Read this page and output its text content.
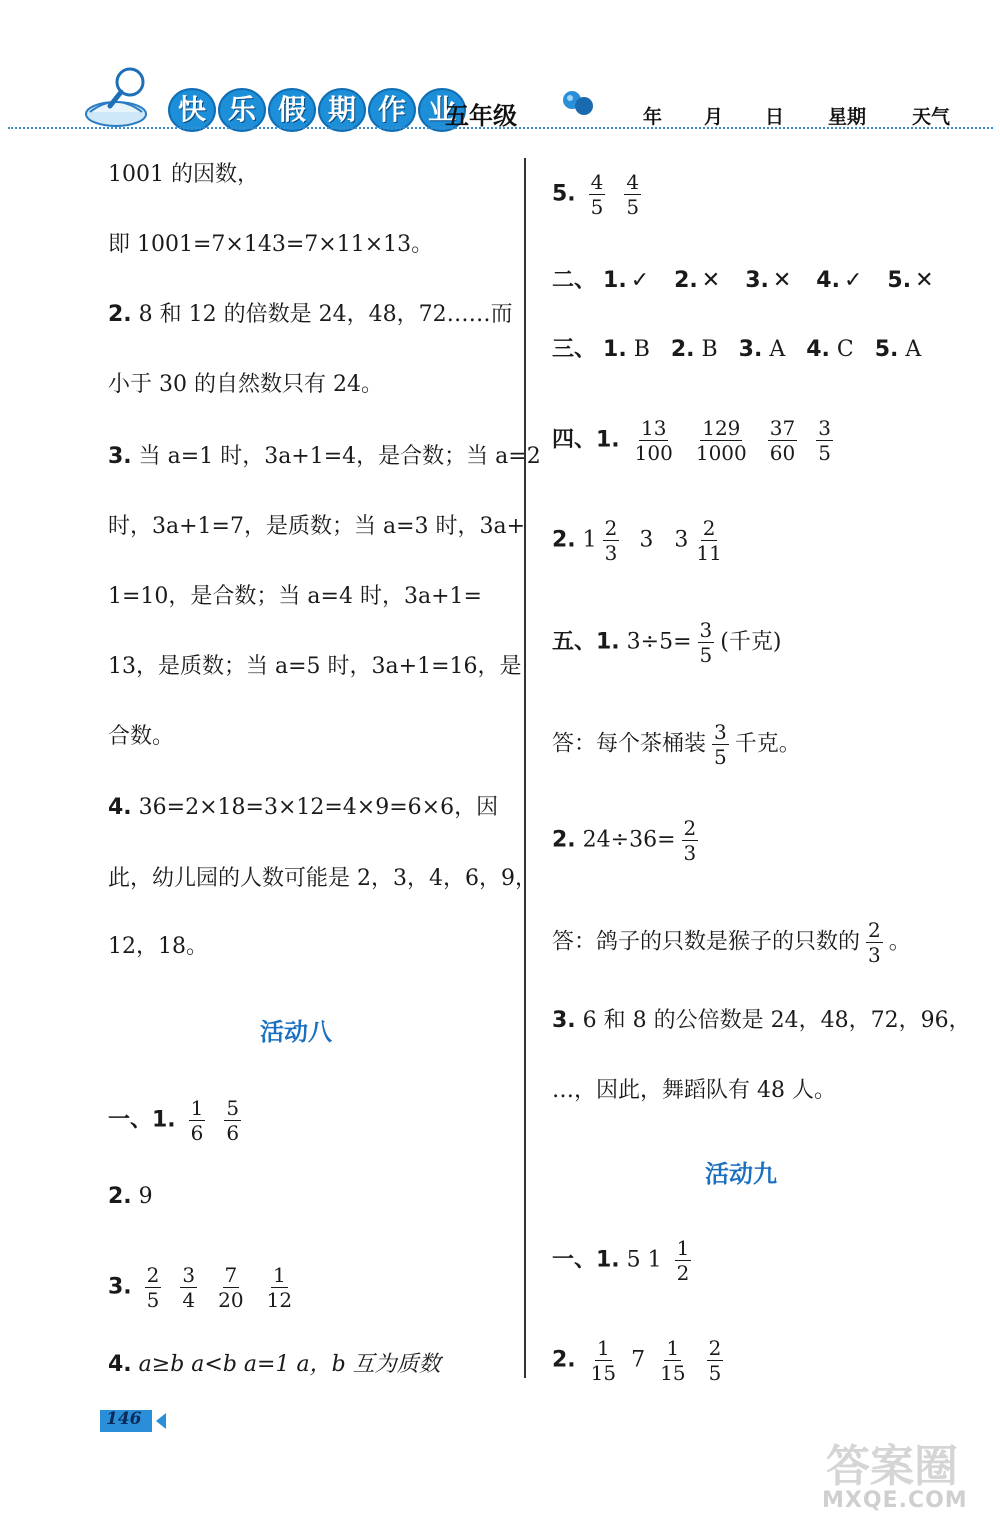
快 乐 假 期 作 业
五年级	年 月 日 星期 天气
1001 的因数，
即 1001=7×143=7×11×13。
2. 8 和 12 的倍数是 24，48，72……而
小于 30 的自然数只有 24。
3. 当 a=1 时，3a+1=4，是合数；当 a=2
时，3a+1=7，是质数；当 a=3 时，3a+
1=10，是合数；当 a=4 时，3a+1=
13，是质数；当 a=5 时，3a+1=16，是
合数。
4. 36=2×18=3×12=4×9=6×6，因
此，幼儿园的人数可能是 2，3，4，6，9，
12，18。
活动八
一、1. $\frac{1}{6}$
$\frac{5}{6}$
2. 9
3. $\frac{2}{5}$
$\frac{3}{4}$
$\frac{7}{20}$
$\frac{1}{12}$
4. a≥b a<b a=1 a，b 互为质数
5. $\frac{4}{5}$
$\frac{4}{5}$
二、 1. ✓ 2. ✕ 3. ✕ 4. ✓ 5. ✕
三、 1. B 2. B 3. A 4. C 5. A
四、1. $\frac{13}{100}$
$\frac{129}{1000}$
$\frac{37}{60}$
$\frac{3}{5}$
2. $1 \frac{2}{3} 3$ $3 \frac{2}{11}$
五、1. $3\div 5= \frac{3}{5}$ (千克)
答：每个茶桶装 $\frac{3}{5}$ 千克。
2. $24\div 36= \frac{2}{3}$
答：鸽子的只数是猴子的只数的 $\frac{2}{3}$ 。
3. 6 和 8 的公倍数是 24，48，72，96，
…，因此，舞蹈队有 48 人。
活动九
一、1. 5 $1 \frac{1}{2}$
2. $\frac{1}{15} 7 \frac{1}{15}$
$\frac{2}{5}$
146
答案圈
MXQE.COM
